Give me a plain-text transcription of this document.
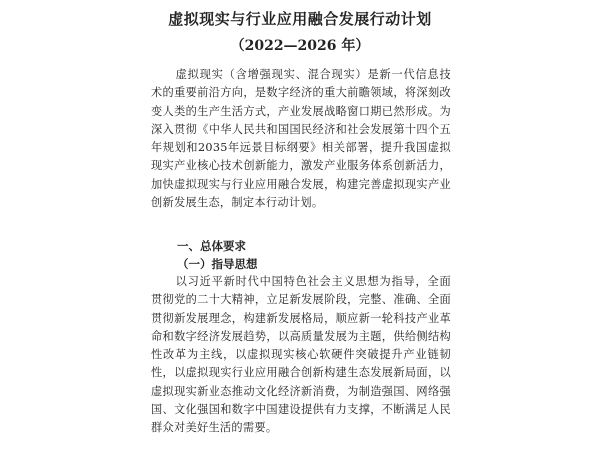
虚拟现实与行业应用融合发展行动计划
（2022—2026 年）
虚拟现实（含增强现实、混合现实）是新一代信息技术的重要前沿方向，是数字经济的重大前瞻领域，将深刻改变人类的生产生活方式，产业发展战略窗口期已然形成。为深入贯彻《中华人民共和国国民经济和社会发展第十四个五年规划和2035年远景目标纲要》相关部署，提升我国虚拟现实产业核心技术创新能力，激发产业服务体系创新活力，加快虚拟现实与行业应用融合发展，构建完善虚拟现实产业创新发展生态，制定本行动计划。
一、总体要求
（一）指导思想
以习近平新时代中国特色社会主义思想为指导，全面贯彻党的二十大精神，立足新发展阶段，完整、准确、全面贯彻新发展理念，构建新发展格局，顺应新一轮科技产业革命和数字经济发展趋势，以高质量发展为主题，供给侧结构性改革为主线，以虚拟现实核心软硬件突破提升产业链韧性，以虚拟现实行业应用融合创新构建生态发展新局面，以虚拟现实新业态推动文化经济新消费，为制造强国、网络强国、文化强国和数字中国建设提供有力支撑，不断满足人民群众对美好生活的需要。
